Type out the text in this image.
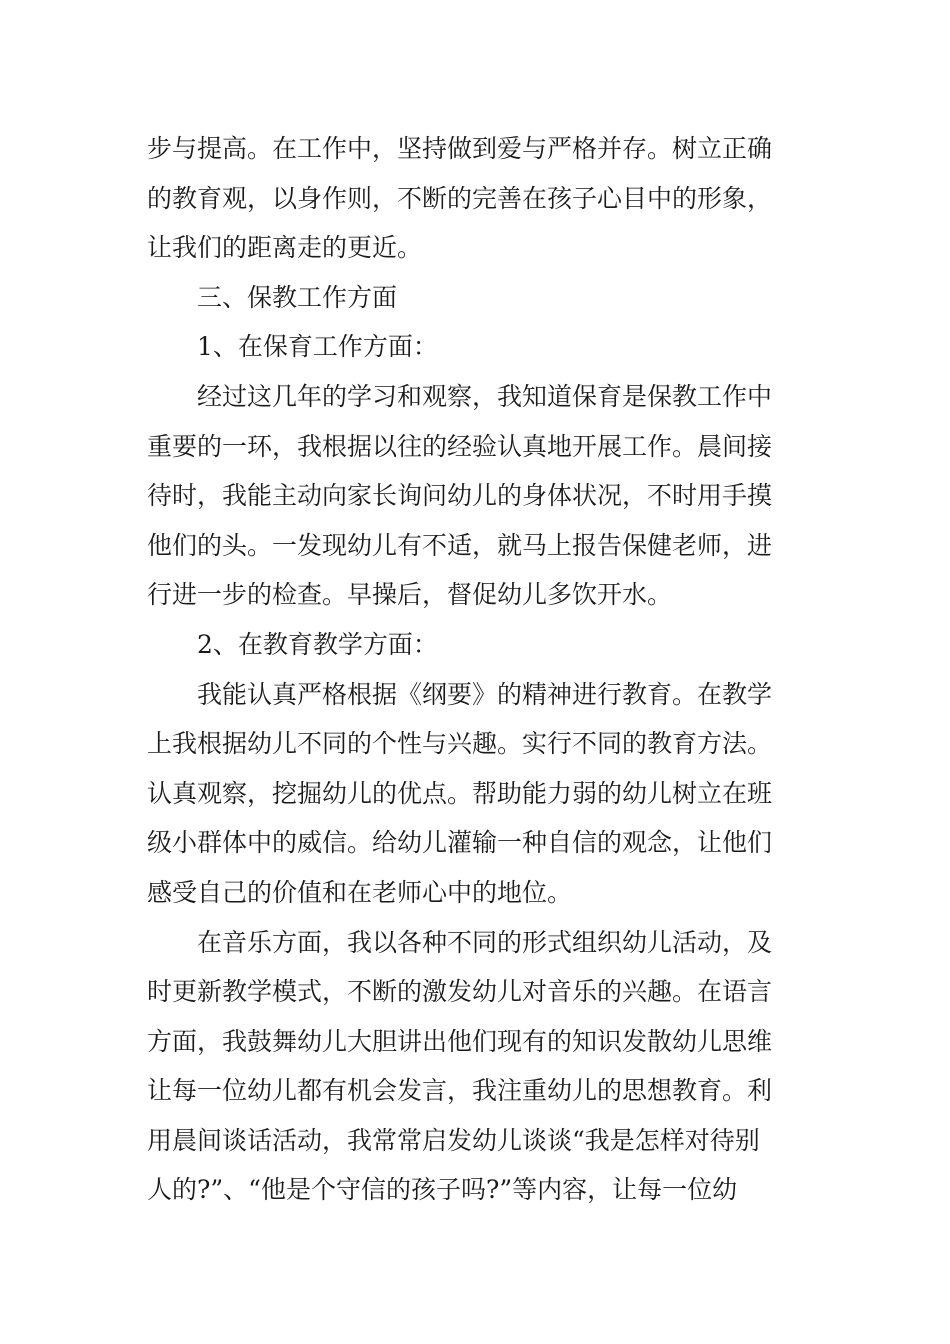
步与提高。在工作中，坚持做到爱与严格并存。树立正确
的教育观，以身作则，不断的完善在孩子心目中的形象，
让我们的距离走的更近。
三、保教工作方面
1、在保育工作方面：
经过这几年的学习和观察，我知道保育是保教工作中
重要的一环，我根据以往的经验认真地开展工作。晨间接
待时，我能主动向家长询问幼儿的身体状况，不时用手摸
他们的头。一发现幼儿有不适，就马上报告保健老师，进
行进一步的检查。早操后，督促幼儿多饮开水。
2、在教育教学方面：
我能认真严格根据《纲要》的精神进行教育。在教学
上我根据幼儿不同的个性与兴趣。实行不同的教育方法。
认真观察，挖掘幼儿的优点。帮助能力弱的幼儿树立在班
级小群体中的威信。给幼儿灌输一种自信的观念，让他们
感受自己的价值和在老师心中的地位。
在音乐方面，我以各种不同的形式组织幼儿活动，及
时更新教学模式，不断的激发幼儿对音乐的兴趣。在语言
方面，我鼓舞幼儿大胆讲出他们现有的知识发散幼儿思维
让每一位幼儿都有机会发言，我注重幼儿的思想教育。利
用晨间谈话活动，我常常启发幼儿谈谈“我是怎样对待别
人的?”、“他是个守信的孩子吗?”等内容，让每一位幼
